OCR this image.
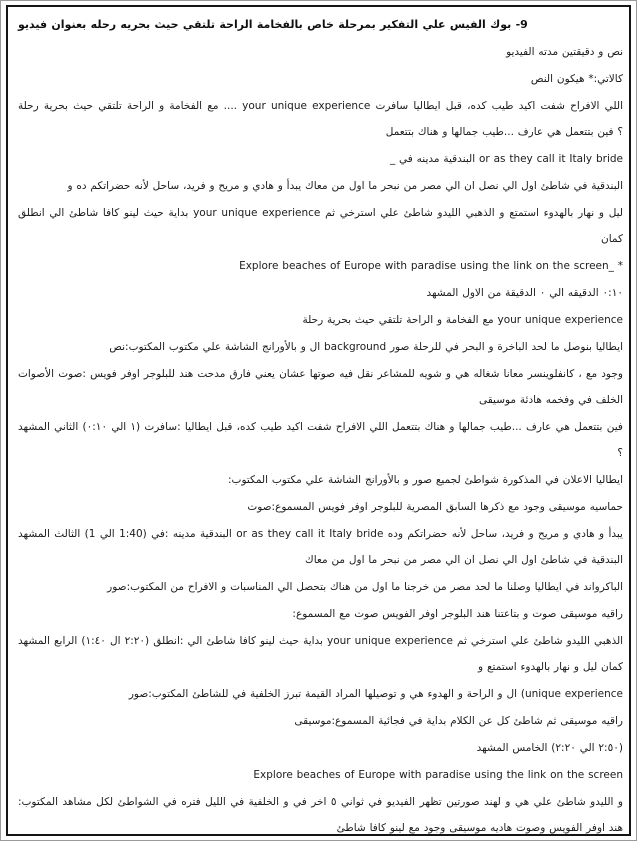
فيديو بعنوان رحله بحريه حيث تلتقي الراحة بالفخامة خاص بمرحلة التفكير علي الفيس بوك -9

الفيديو مدته دقيقتين و نص

النص هيكون كالاتي:*

رحلة بحرية حيث تلتقي الراحة و الفخامة مع .... your unique experience سافرت ايطاليا قبل كده، طيب اكيد شفت الافراح اللي بتتعمل هناك و جمالها ...طيب عارف هي بتتعمل فين ؟

_ في مدينه البندقية or as they call it Italy bride

و ده حضراتكم لأنه ساحل فريد، و مريح و هادي و يبدأ معاك من اول ما نبحر من مصر الي ان نصل الي اول شاطئ في البندقية

انطلق الي شاطئ كافا لينو حيث بداية your unique experience ثم استرخي علي شاطئ الليدو الذهبي و استمتع بالهدوء نهار و ليل كمان

Explore beaches of Europe with paradise using the link on the screen_ *

المشهد الاول من الدقيقة ٠ الي الدقيقه ٠:١٠

رحلة بحرية حيث تلتقي الراحة و الفخامة مع your unique experience

المكتوب:نص مكتوب علي الشاشة بالأورانج و ال background صور للرحلة في البحر و الباخرة لحد ما بنوصل ايطاليا

الأصوات :صوت فويس اوفر للبلوجر هند مدحت فارق يعني عشان صوتها فيه نقل للمشاعر شويه و هي شغاله معانا كانفلوينسر ، مع وجود موسيقى هادئة وفخمه في الخلف

المشهد الثاني (٠:١٠ الي ١) :سافرت ايطاليا قبل كده، طيب اكيد شفت الافراح اللي بتتعمل هناك و جمالها ...طيب عارف هي بتتعمل فين ؟

المكتوب: مكتوب علي الشاشة بالأورانج و صور لجميع شواطئ المذكورة في الاعلان ايطاليا

المسموع:صوت فويس اوفر للبلوجر المصرية السابق ذكرها مع وجود موسيقى حماسيه

المشهد الثالث (1 الي 1:40) :في مدينه البندقية or as they call it Italy bride وده حضراتكم لأنه ساحل فريد، و مريح و هادي و يبدأ معاك من اول ما نبحر من مصر الي ان نصل الي اول شاطئ في البندقية

المكتوب:صور من الافراح و المناسبات الي بتحصل هناك من اول ما خرجنا من مصر لحد ما وصلنا ايطاليا في الباكرواند

المسموع: مع صوت الفويس اوفر البلوجر هند بتاعتنا و صوت موسيقى راقيه

المشهد الرابع (١:٤٠ ال ٢:٢٠) :انطلق الي شاطئ كافا لينو حيث بداية your unique experience ثم استرخي علي شاطئ الليدو الذهبي و استمتع بالهدوء نهار و ليل كمان

المكتوب:صور للشاطئ في الخلفية تبرز القيمة المراد توصيلها و هي الهدوء و الراحة و ال (unique experience

المسموع:موسيقى فجائية في بداية الكلام عن كل شاطئ ثم موسيقى راقيه

المشهد الخامس (٢:٢٠ الي ٢:٥٠)

Explore beaches of Europe with paradise using the link on the screen

المكتوب: مشاهد لكل الشواطئ في فتره الليل في الخلفية و في اخر ٥ ثواني في الفيديو تظهر صورتين لهند و هي علي شاطئ الليدو و شاطئ كافا لينو مع وجود موسيقى هاديه وصوت الفويس اوفر هند
